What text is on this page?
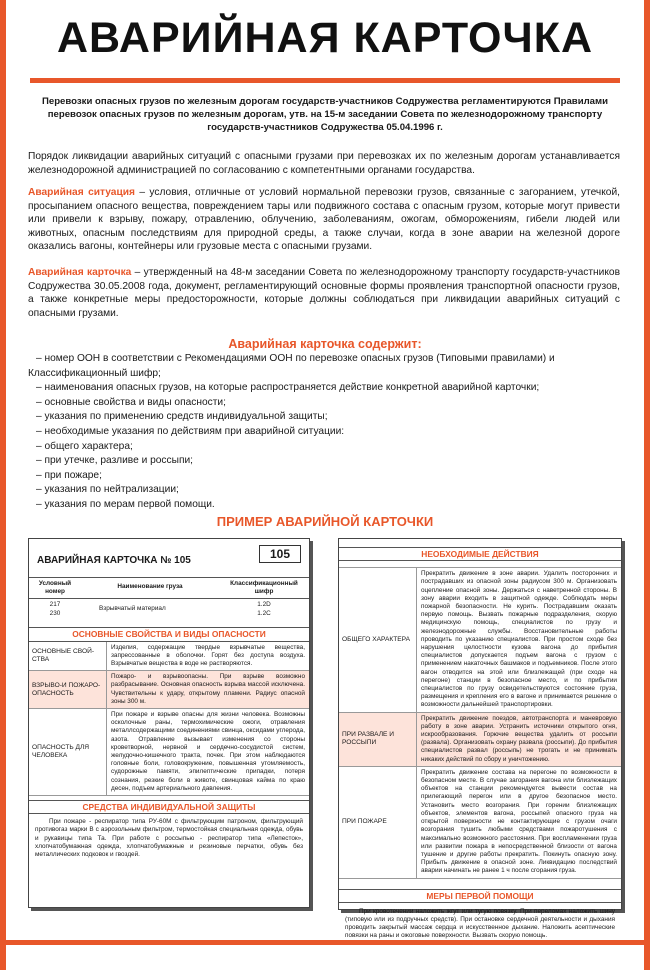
АВАРИЙНАЯ КАРТОЧКА
Перевозки опасных грузов по железным дорогам государств-участников Содружества регламентируются Правилами перевозок опасных грузов по железным дорогам, утв. на 15-м заседании Совета по железнодорожному транспорту государств-участников Содружества 05.04.1996 г.
Порядок ликвидации аварийных ситуаций с опасными грузами при перевозках их по железным дорогам устанавливается железнодорожной администрацией по согласованию с компетентными органами государства.
Аварийная ситуация – условия, отличные от условий нормальной перевозки грузов, связанные с загоранием, утечкой, просыпанием опасного вещества, повреждением тары или подвижного состава с опасным грузом, которые могут привести или привели к взрыву, пожару, отравлению, облучению, заболеваниям, ожогам, обморожениям, гибели людей или животных, опасным последствиям для природной среды, а также случаи, когда в зоне аварии на железной дороге оказались вагоны, контейнеры или грузовые места с опасными грузами.
Аварийная карточка – утвержденный на 48-м заседании Совета по железнодорожному транспорту государств-участников Содружества 30.05.2008 года, документ, регламентирующий основные формы проявления транспортной опасности грузов, а также конкретные меры предосторожности, которые должны соблюдаться при ликвидации аварийных ситуаций с опасными грузами.
Аварийная карточка содержит:
– номер ООН в соответствии с Рекомендациями ООН по перевозке опасных грузов (Типовыми правилами) и Классификационный шифр;
– наименования опасных грузов, на которые распространяется действие конкретной аварийной карточки;
– основные свойства и виды опасности;
– указания по применению средств индивидуальной защиты;
– необходимые указания по действиям при аварийной ситуации:
– общего характера;
– при утечке, разливе и россыпи;
– при пожаре;
– указания по нейтрализации;
– указания по мерам первой помощи.
ПРИМЕР АВАРИЙНОЙ КАРТОЧКИ
АВАРИЙНАЯ КАРТОЧКА № 105	105
Условный номер
Наименование груза	Классификационный шифр
217
230
Взрывчатый материал
1.2D
1.2C
ОСНОВНЫЕ СВОЙСТВА И ВИДЫ ОПАСНОСТИ
ОСНОВНЫЕ СВОЙ-СТВА
Изделия, содержащие твердые взрывчатые вещества, запрессованные в оболочки. Горят без доступа воздуха. Взрывчатые вещества в воде не растворяются.
ВЗРЫВО-И ПОЖАРО-ОПАСНОСТЬ
Пожаро- и взрывоопасны. При взрыве возможно разбрасывание. Основная опасность взрыва массой исключена. Чувствительны к удару, открытому пламени. Радиус опасной зоны 300 м.
ОПАСНОСТЬ ДЛЯ ЧЕЛОВЕКА
При пожаре и взрыве опасны для жизни человека. Возможны осколочные раны, термохимические ожоги, отравления металлсодержащими соединениями свинца, оксидами углерода, азота. Отравление вызывает изменения со стороны кроветворной, нервной и сердечно-сосудистой систем, желудочно-кишечного тракта, почек. При этом наблюдаются головные боли, головокружение, повышенная утомляемость, судорожные памяти, эпилептические припадки, потеря сознания, резкие боли в животе, свинцовая кайма по краю десен, подъем артериального давления.
СРЕДСТВА ИНДИВИДУАЛЬНОЙ ЗАЩИТЫ
При пожаре - респиратор типа РУ-60М с фильтрующим патроном, фильтрующий противогаз марки В с аэрозольным фильтром, термостойкая специальная одежда, обувь и рукавицы типа Та. При работе с россыпью - респиратор типа «Лепесток», хлопчатобумажная одежда, хлопчатобумажные и резиновые перчатки, обувь без металлических подковок и гвоздей.
НЕОБХОДИМЫЕ ДЕЙСТВИЯ
ОБЩЕГО ХАРАКТЕРА
Прекратить движение в зоне аварии. Удалить посторонних и пострадавших из опасной зоны радиусом 300 м. Организовать оцепление опасной зоны. Держаться с наветренной стороны. В зону аварии входить в защитной одежде. Соблюдать меры пожарной безопасности. Не курить. Пострадавшим оказать первую помощь. Вызвать пожарные подразделения, скорую медицинскую помощь, специалистов по грузу и железнодорожные службы. Восстановительные работы проводить по указанию специалистов. При простом сходе без нарушения целостности кузова вагона до прибытия специалистов допускается подъем вагона с грузом с применением накаточных башмаков и подъемников. После этого вагон отводится на этой или близлежащей (при сходе на перегоне) станции в безопасное место, и по прибытии специалистов по грузу освидетельствуются состояние груза, размещения и крепления его в вагоне и принимается решение о возможности дальнейшей транспортировки.
ПРИ РАЗВАЛЕ И РОССЫПИ
Прекратить движение поездов, автотранспорта и маневровую работу в зоне аварии. Устранить источники открытого огня, искрообразования. Горючие вещества удалить от россыпи (развала). Организовать охрану развала (россыпи). До прибытия специалистов развал (россыпь) не трогать и не принимать никаких действий по сбору и уничтожению.
ПРИ ПОЖАРЕ
Прекратить движение состава на перегоне по возможности в безопасном месте. В случае загорания вагона или близлежащих объектов на станции рекомендуется вывести состав на прилегающий перегон или в другое безопасное место. Установить место возгорания. При горении близлежащих объектов, элементов вагона, россыпей опасного груза на открытой поверхности не контактирующие с грузом очаги возгорания тушить любыми средствами пожаротушения с максимально возможного расстояния. При воспламенении груза или развитии пожара в непосредственной близости от вагона тушение и другие работы прекратить. Покинуть опасную зону. Прибыть движение в опасной зоне. Ликвидацию последствий аварии начинать не ранее 1 ч после сгорания груза.
МЕРЫ ПЕРВОЙ ПОМОЩИ
При кровотечении наложить жгут или тугую повязку. При переломах наложить шину (типовую или из подручных средств). При остановке сердечной деятельности и дыхания проводить закрытый массаж сердца и искусственное дыхание. Наложить асептические повязки на раны и ожоговые поверхности. Вызвать скорую помощь.
